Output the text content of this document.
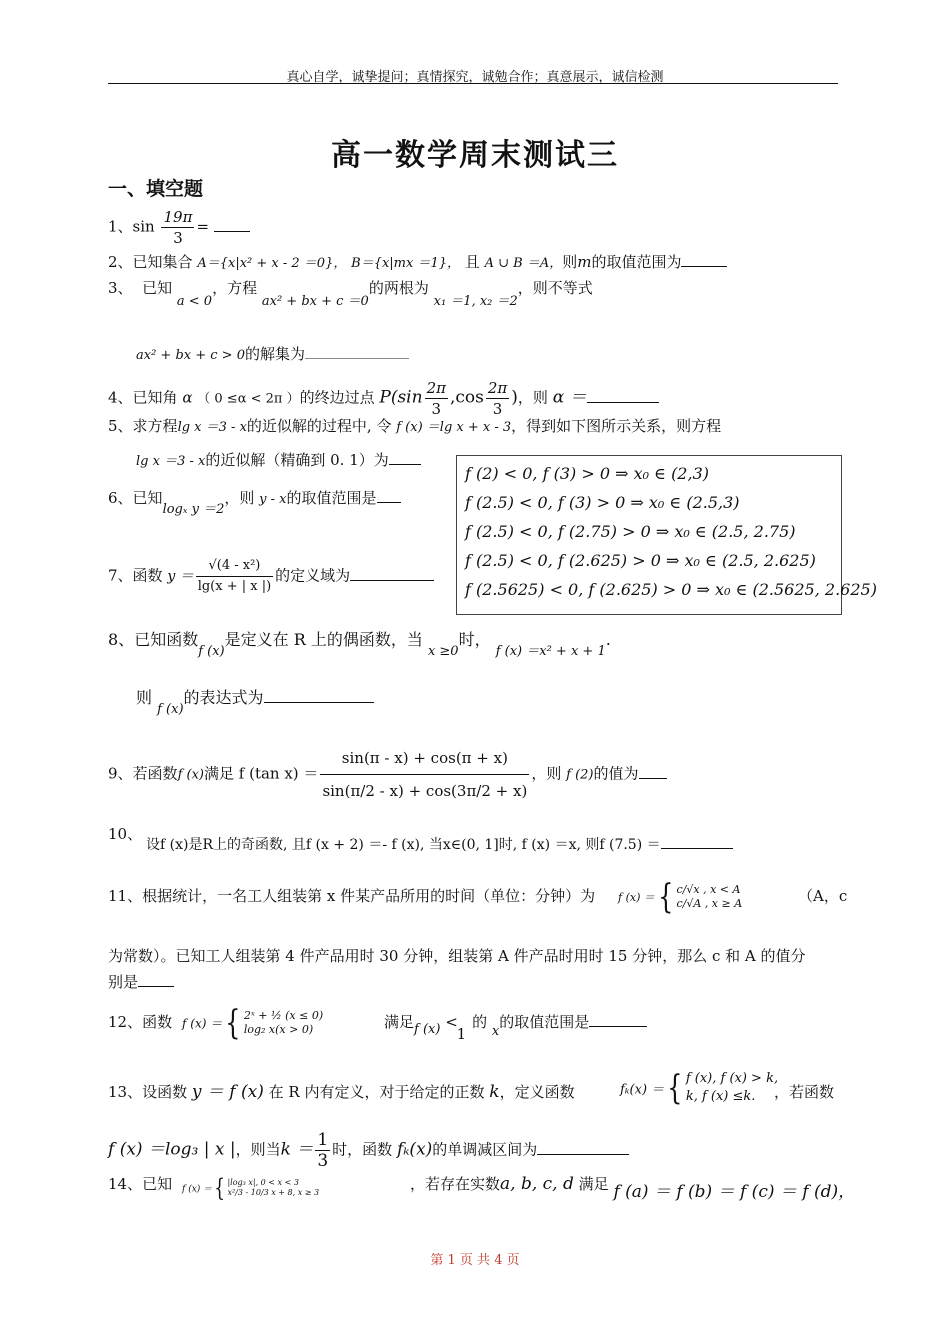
真心自学，诚挚提问；真情探究，诚勉合作；真意展示，诚信检测
高一数学周末测试三
一、填空题
1、$\sin \frac{19\pi}{3}$ =
2、已知集合 A＝{x|x² + x - 2 ＝0}， B＝{x|mx ＝1}， 且 A ∪ B ＝A，则m的取值范围为
3、 已知 a < 0，方程 ax² + bx + c ＝0的两根为 x₁ ＝1, x₂ ＝2，则不等式
ax² + bx + c > 0的解集为
4、已知角 α （ 0 ≤α < 2π ）的终边过点 $P(\sin \frac{2\pi}{3} ,\cos \frac{2\pi}{3}$ )，则 α ＝
5、求方程lg x ＝3 - x的近似解的过程中, 令 f (x) ＝lg x + x - 3，得到如下图所示关系，则方程
lg x ＝3 - x的近似解（精确到 0. 1）为
f (2) < 0, f (3) > 0 ⇒ x₀ ∈ (2,3)
f (2.5) < 0, f (3) > 0 ⇒ x₀ ∈ (2.5,3)
f (2.5) < 0, f (2.75) > 0 ⇒ x₀ ∈ (2.5, 2.75)
f (2.5) < 0, f (2.625) > 0 ⇒ x₀ ∈ (2.5, 2.625)
f (2.5625) < 0, f (2.625) > 0 ⇒ x₀ ∈ (2.5625, 2.625)
6、已知logₓ y ＝2，则 y - x的取值范围是
7、函数 $y = \frac{\text{√(4 - x²)}}{\lg(x + | x |)}$ 的定义域为
8、已知函数$_{f (x)}$是定义在 R 上的偶函数，当 $_{x \ge 0}$时， $_{f (x) =x^2 + x + 1}$.
则 $_{f (x)}$的表达式为
9、若函数f (x)满足 f (tan $x) = \frac{\sin(\pi - x) + \cos(\pi + x)}{\sin(\pi/2 - x) + \cos(3\pi/2 + x)}$ ，则 f (2)的值为
10、
设f (x)是R上的奇函数, 且f (x + 2) ＝- f (x), 当x∈(0, 1]时, f (x) ＝x, 则f (7.5) ＝
11、根据统计，一名工人组装第 x 件某产品所用的时间（单位：分钟）为 f (x) ＝{ c/√x , x < A
c/√A , x ≥ A	（A，c
为常数）。已知工人组装第 4 件产品用时 30 分钟，组装第 A 件产品时用时 15 分钟，那么 c 和 A 的值分
别是
12、函数 f (x) ＝{ 2ˣ + ½ (x ≤ 0)
log₂ x(x > 0)	满足f (x) < 1的 x的取值范围是
13、设函数 y ＝ f (x) 在 R 内有定义，对于给定的正数 k，定义函数	fₖ(x) ＝{ f (x), f (x) > k,
k, f (x) ≤k.	，若函数
f (x) ＝log₃ | x |，则当$k = \frac{1}{3}$ 时，函数 fₖ(x)的单调减区间为
14、已知 f (x) ＝{ |log₃ x|, 0 < x < 3
x²/3 - 10/3 x + 8, x ≥ 3	，若存在实数a, b, c, d 满足 f (a) ＝ f (b) ＝ f (c) ＝ f (d)，
第 1 页 共 4 页
